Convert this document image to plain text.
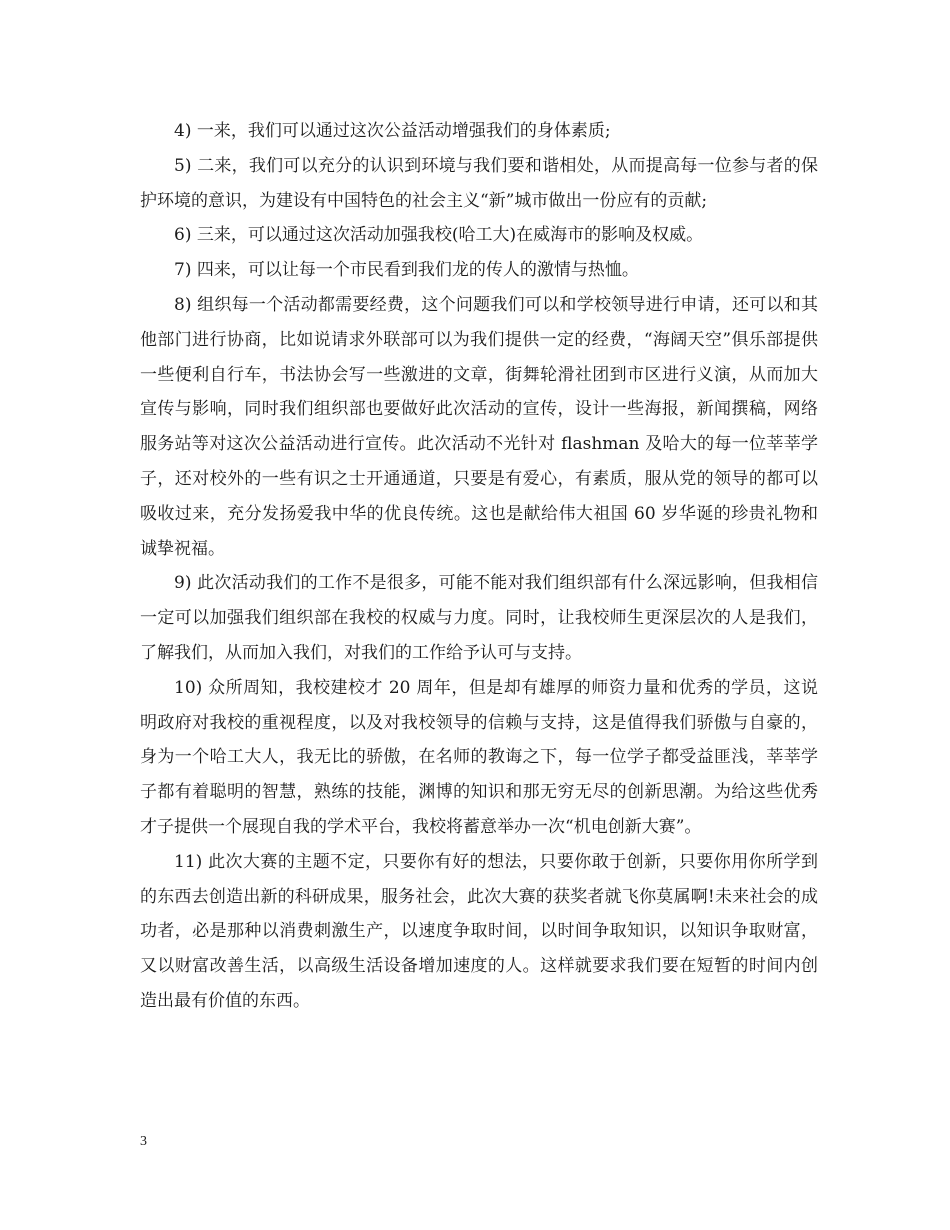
4) 一来，我们可以通过这次公益活动增强我们的身体素质;

5) 二来，我们可以充分的认识到环境与我们要和谐相处，从而提高每一位参与者的保护环境的意识，为建设有中国特色的社会主义“新”城市做出一份应有的贡献;

6) 三来，可以通过这次活动加强我校(哈工大)在威海市的影响及权威。

7) 四来，可以让每一个市民看到我们龙的传人的激情与热恤。

8) 组织每一个活动都需要经费，这个问题我们可以和学校领导进行申请，还可以和其他部门进行协商，比如说请求外联部可以为我们提供一定的经费，“海阔天空”俱乐部提供一些便利自行车，书法协会写一些激进的文章，街舞轮滑社团到市区进行义演，从而加大宣传与影响，同时我们组织部也要做好此次活动的宣传，设计一些海报，新闻撰稿，网络服务站等对这次公益活动进行宣传。此次活动不光针对 flashman 及哈大的每一位莘莘学子，还对校外的一些有识之士开通通道，只要是有爱心，有素质，服从党的领导的都可以吸收过来，充分发扬爱我中华的优良传统。这也是献给伟大祖国 60 岁华诞的珍贵礼物和诚挚祝福。

9) 此次活动我们的工作不是很多，可能不能对我们组织部有什么深远影响，但我相信一定可以加强我们组织部在我校的权威与力度。同时，让我校师生更深层次的人是我们，了解我们，从而加入我们，对我们的工作给予认可与支持。

10) 众所周知，我校建校才 20 周年，但是却有雄厚的师资力量和优秀的学员，这说明政府对我校的重视程度，以及对我校领导的信赖与支持，这是值得我们骄傲与自豪的，身为一个哈工大人，我无比的骄傲，在名师的教诲之下，每一位学子都受益匪浅，莘莘学子都有着聪明的智慧，熟练的技能，渊博的知识和那无穷无尽的创新思潮。为给这些优秀才子提供一个展现自我的学术平台，我校将蓄意举办一次“机电创新大赛”。

11) 此次大赛的主题不定，只要你有好的想法，只要你敢于创新，只要你用你所学到的东西去创造出新的科研成果，服务社会，此次大赛的获奖者就飞你莫属啊!未来社会的成功者，必是那种以消费刺激生产，以速度争取时间，以时间争取知识，以知识争取财富，又以财富改善生活，以高级生活设备增加速度的人。这样就要求我们要在短暂的时间内创造出最有价值的东西。

3
